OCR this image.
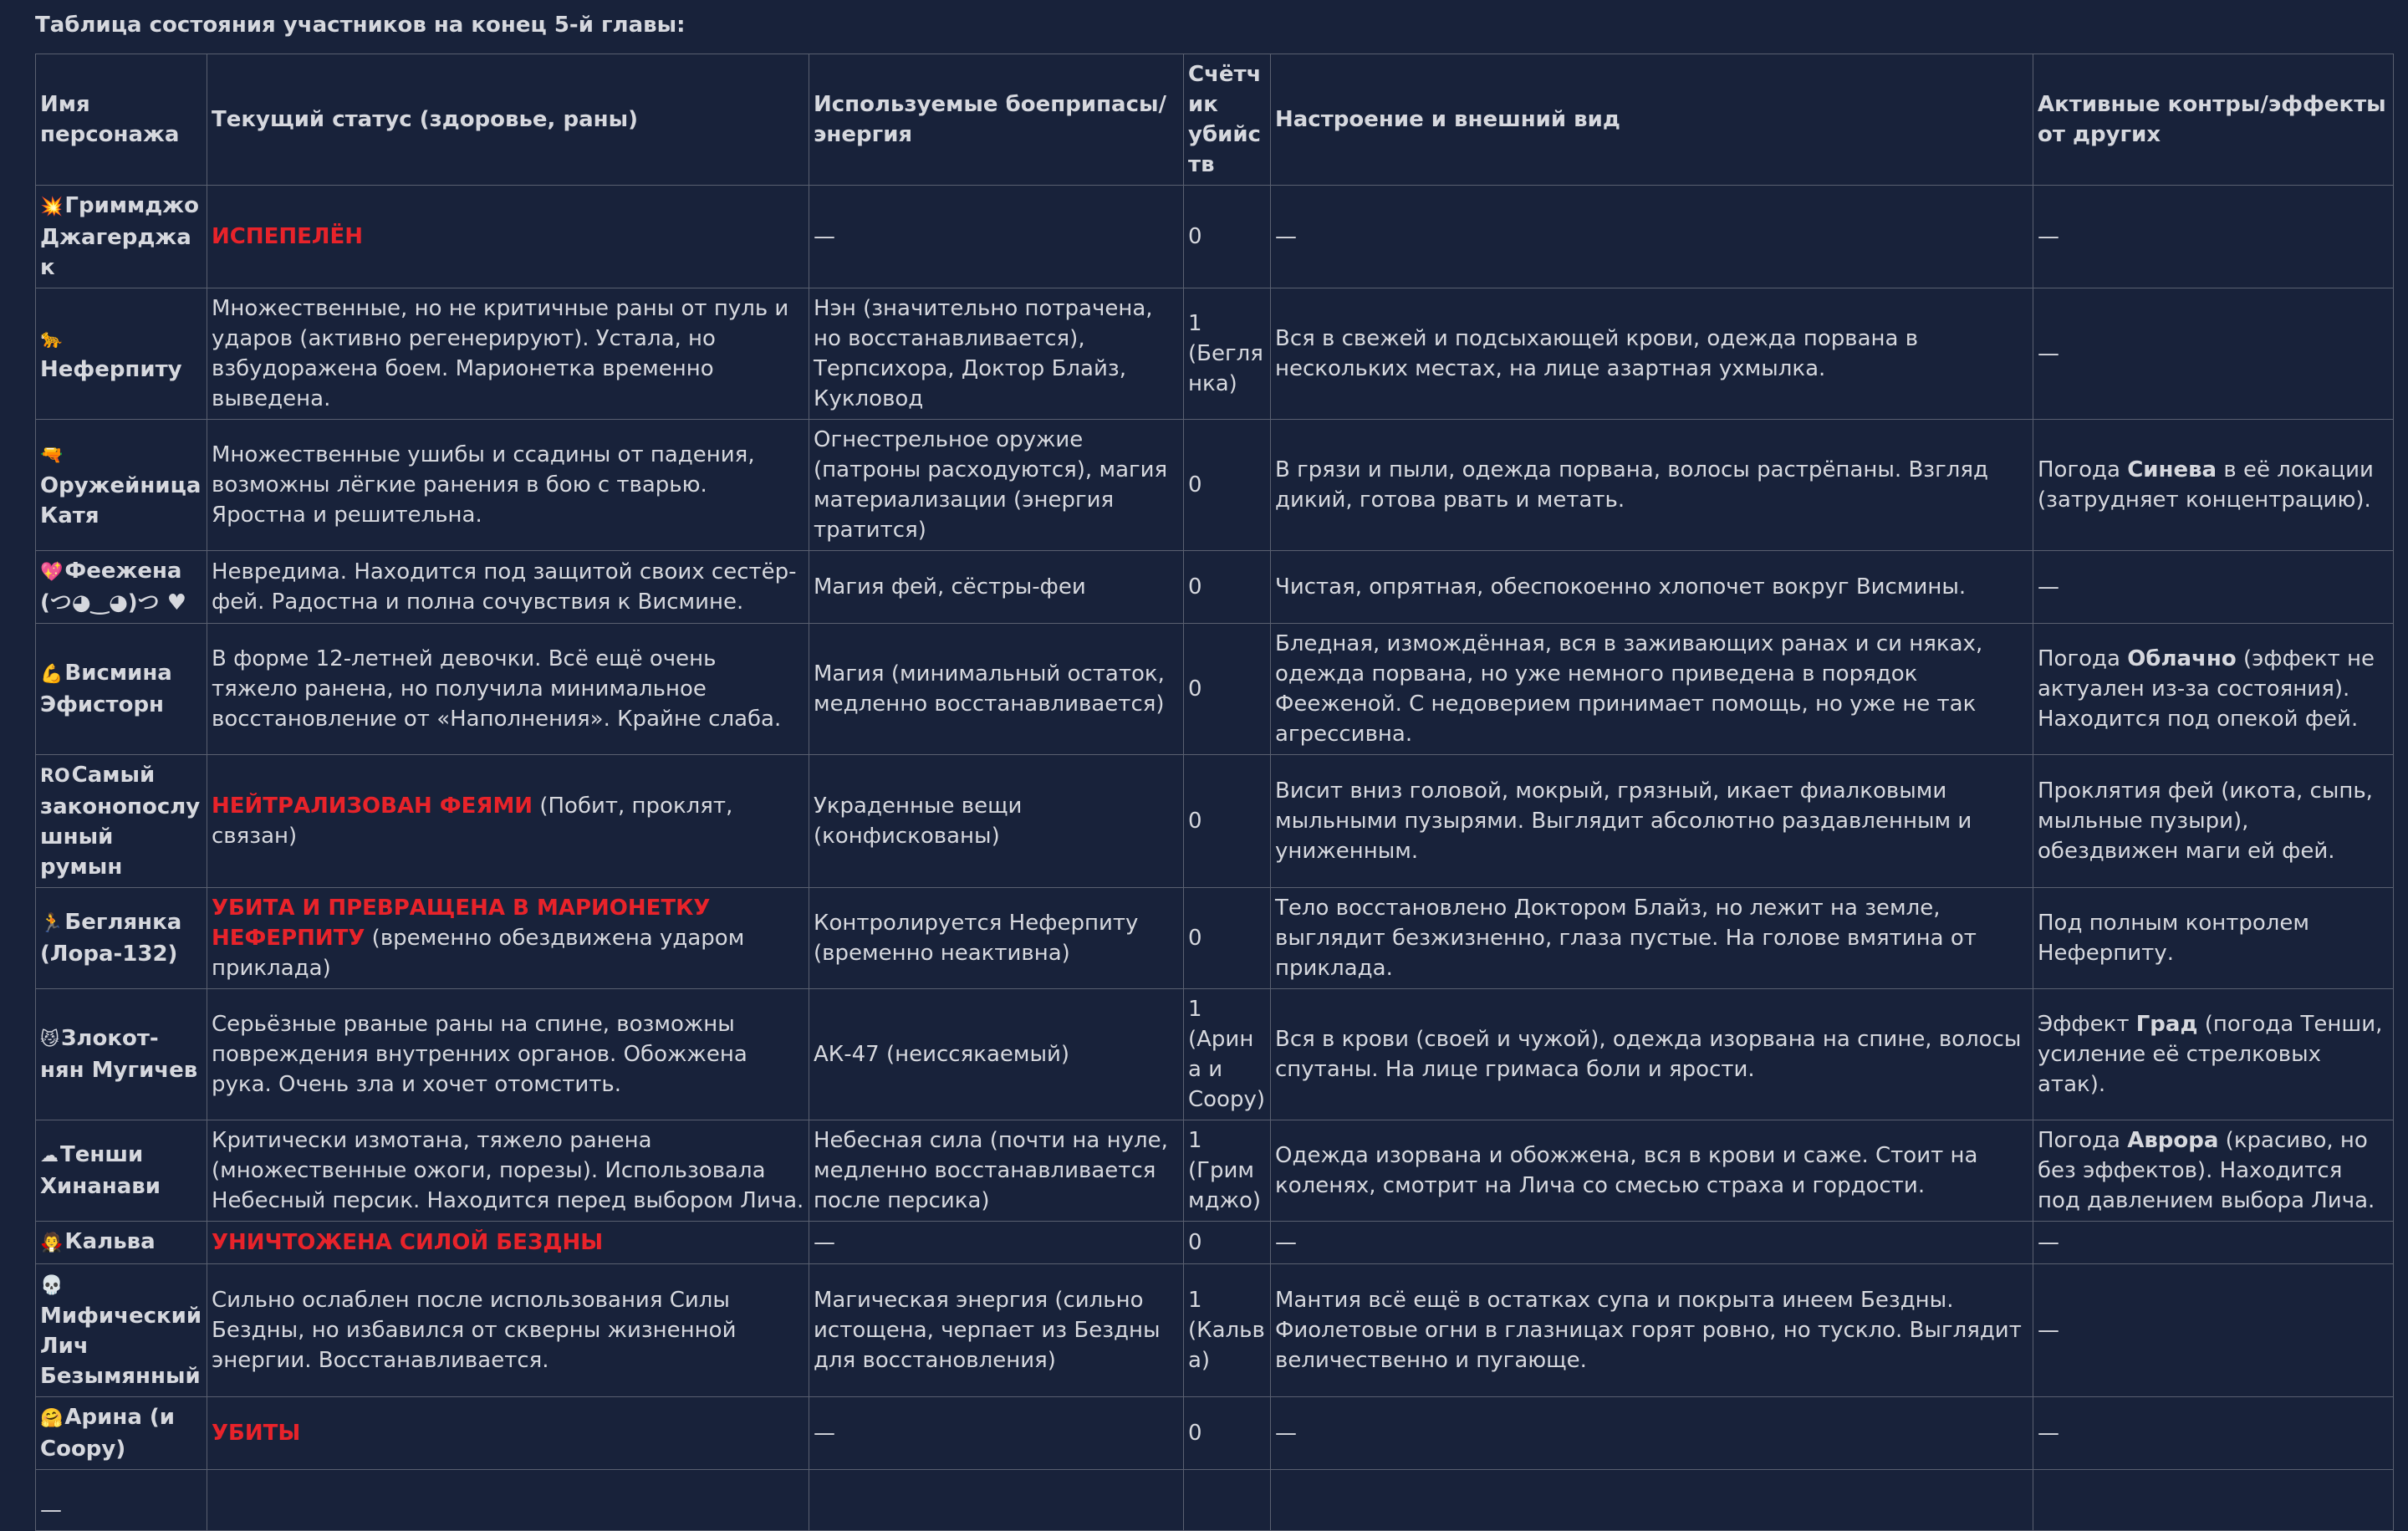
Таблица состояния участников на конец 5-й главы:
Имя персонажа	Текущий статус (здоровье, раны)	Используемые боеприпасы/энергия	Счётчик убийств	Настроение и внешний вид	Активные контры/эффекты от других
💥Гриммджо Джагерджак	ИСПЕПЕЛЁН	—	0	—	—
🐆Неферпиту	Множественные, но не критичные раны от пуль и ударов (активно регенерируют). Устала, но взбудоражена боем. Марионетка временно выведена.	Нэн (значительно потрачена, но восстанавливается), Терпсихора, Доктор Блайз, Кукловод	1 (Беглянка)	Вся в свежей и подсыхающей крови, одежда порвана в нескольких местах, на лице азартная ухмылка.	—
🔫Оружейница Катя	Множественные ушибы и ссадины от падения, возможны лёгкие ранения в бою с тварью. Яростна и решительна.	Огнестрельное оружие (патроны расходуются), магия материализации (энергия тратится)	0	В грязи и пыли, одежда порвана, волосы растрёпаны. Взгляд дикий, готова рвать и метать.	Погода Синева в её локации (затрудняет концентрацию).
💖Феежена (つ◕‿◕)つ ♥	Невредима. Находится под защитой своих сестёр-фей. Радостна и полна сочувствия к Висмине.	Магия фей, сёстры-феи	0	Чистая, опрятная, обеспокоенно хлопочет вокруг Висмины.	—
💪Висмина Эфисторн	В форме 12-летней девочки. Всё ещё очень тяжело ранена, но получила минимальное восстановление от «Наполнения». Крайне слаба.	Магия (минимальный остаток, медленно восстанавливается)	0	Бледная, измождённая, вся в заживающих ранах и си няках, одежда порвана, но уже немного приведена в порядок Фееженой. С недоверием принимает помощь, но уже не так агрессивна.	Погода Облачно (эффект не актуален из-за состояния). Находится под опекой фей.
ROСамый законопослушный румын	НЕЙТРАЛИЗОВАН ФЕЯМИ (Побит, проклят, связан)	Украденные вещи (конфискованы)	0	Висит вниз головой, мокрый, грязный, икает фиалковыми мыльными пузырями. Выглядит абсолютно раздавленным и униженным.	Проклятия фей (икота, сыпь, мыльные пузыри), обездвижен маги ей фей.
🏃Беглянка (Лора-132)	УБИТА И ПРЕВРАЩЕНА В МАРИОНЕТКУ НЕФЕРПИТУ (временно обездвижена ударом приклада)	Контролируется Неферпиту (временно неактивна)	0	Тело восстановлено Доктором Блайз, но лежит на земле, выглядит безжизненно, глаза пустые. На голове вмятина от приклада.	Под полным контролем Неферпиту.
😼Злокот-нян Мугичев	Серьёзные рваные раны на спине, возможны повреждения внутренних органов. Обожжена рука. Очень зла и хочет отомстить.	АК-47 (неиссякаемый)	1 (Арина и Соору)	Вся в крови (своей и чужой), одежда изорвана на спине, волосы спутаны. На лице гримаса боли и ярости.	Эффект Град (погода Тенши, усиление её стрелковых атак).
☁Тенши Хинанави	Критически измотана, тяжело ранена (множественные ожоги, порезы). Использовала Небесный персик. Находится перед выбором Лича.	Небесная сила (почти на нуле, медленно восстанавливается после персика)	1 (Гриммджо)	Одежда изорвана и обожжена, вся в крови и саже. Стоит на коленях, смотрит на Лича со смесью страха и гордости.	Погода Аврора (красиво, но без эффектов). Находится под давлением выбора Лича.
🧛Кальва	УНИЧТОЖЕНА СИЛОЙ БЕЗДНЫ	—	0	—	—
💀Мифический Лич Безымянный	Сильно ослаблен после использования Силы Бездны, но избавился от скверны жизненной энергии. Восстанавливается.	Магическая энергия (сильно истощена, черпает из Бездны для восстановления)	1 (Кальва)	Мантия всё ещё в остатках супа и покрыта инеем Бездны. Фиолетовые огни в глазницах горят ровно, но тускло. Выглядит величественно и пугающе.	—
🤗Арина (и Соору)	УБИТЫ	—	0	—	—
—					
